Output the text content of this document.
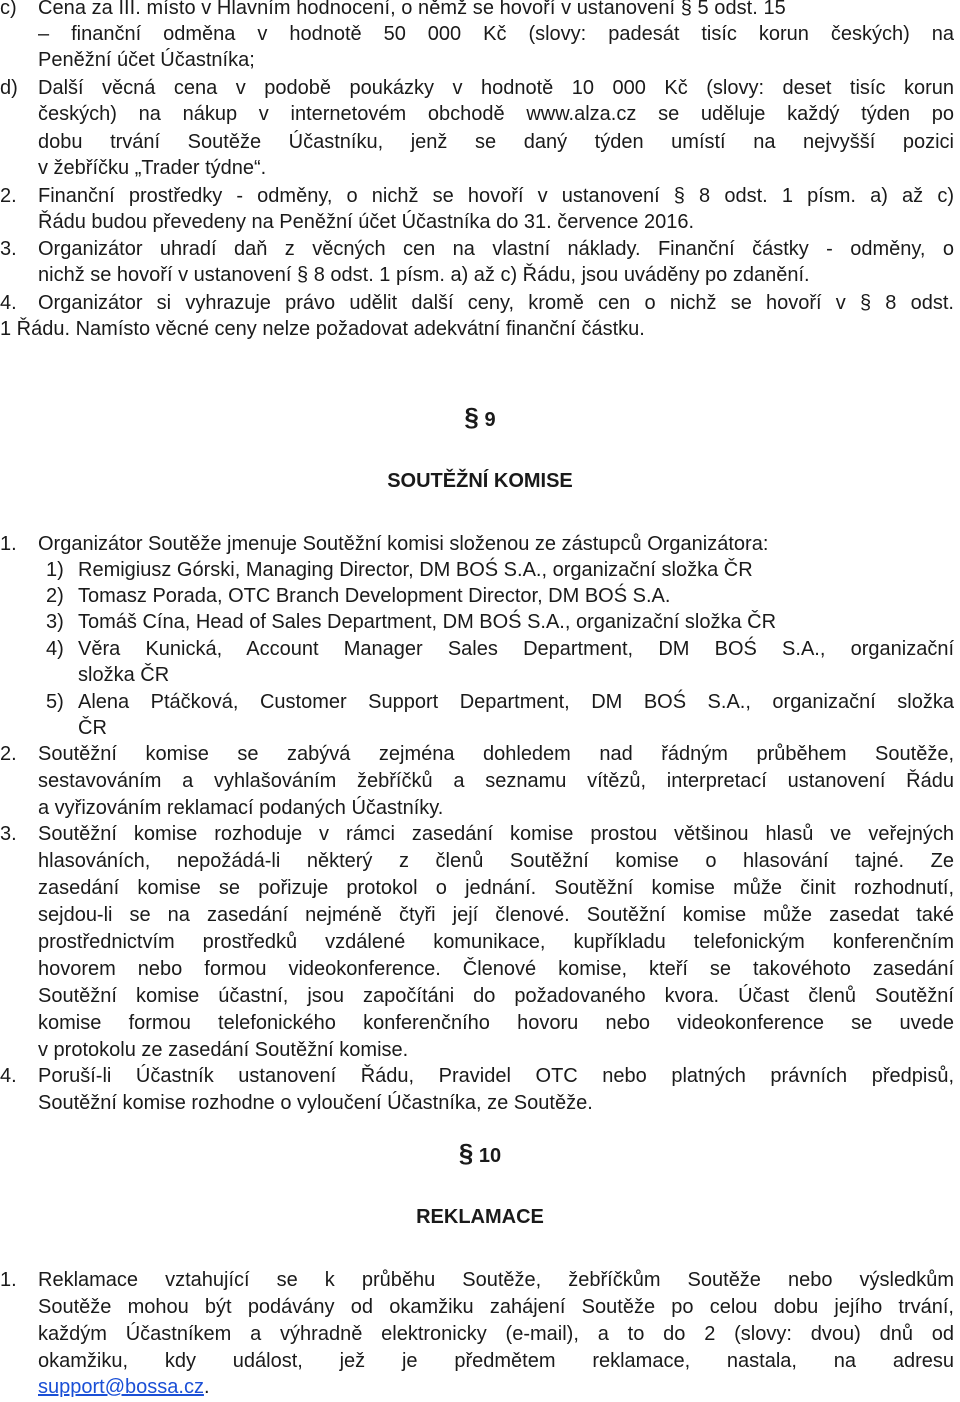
c) Cena za III. místo v Hlavním hodnocení, o němž se hovoří v ustanovení § 5 odst. 15
– finanční odměna v hodnotě 50 000 Kč (slovy: padesát tisíc korun českých) na
Peněžní účet Účastníka;
d) Další věcná cena v podobě poukázky v hodnotě 10 000 Kč (slovy: deset tisíc korun
českých) na nákup v internetovém obchodě www.alza.cz se uděluje každý týden po
dobu trvání Soutěže Účastníku, jenž se daný týden umístí na nejvyšší pozici
v žebříčku „Trader týdne“.
2. Finanční prostředky - odměny, o nichž se hovoří v ustanovení § 8 odst. 1 písm. a) až c)
Řádu budou převedeny na Peněžní účet Účastníka do 31. července 2016.
3. Organizátor uhradí daň z věcných cen na vlastní náklady. Finanční částky - odměny, o
nichž se hovoří v ustanovení § 8 odst. 1 písm. a) až c) Řádu, jsou uváděny po zdanění.
4. Organizátor si vyhrazuje právo udělit další ceny, kromě cen o nichž se hovoří v § 8 odst.
1 Řádu. Namísto věcné ceny nelze požadovat adekvátní finanční částku.
§ 9
SOUTĚŽNÍ KOMISE
1. Organizátor Soutěže jmenuje Soutěžní komisi složenou ze zástupců Organizátora:
1) Remigiusz Górski, Managing Director, DM BOŚ S.A., organizační složka ČR
2) Tomasz Porada, OTC Branch Development Director, DM BOŚ S.A.
3) Tomáš Cína, Head of Sales Department, DM BOŚ S.A., organizační složka ČR
4) Věra Kunická, Account Manager Sales Department, DM BOŚ S.A., organizační
složka ČR
5) Alena Ptáčková, Customer Support Department, DM BOŚ S.A., organizační složka
ČR
2. Soutěžní komise se zabývá zejména dohledem nad řádným průběhem Soutěže,
sestavováním a vyhlašováním žebříčků a seznamu vítězů, interpretací ustanovení Řádu
a vyřizováním reklamací podaných Účastníky.
3. Soutěžní komise rozhoduje v rámci zasedání komise prostou většinou hlasů ve veřejných
hlasováních, nepožádá-li některý z členů Soutěžní komise o hlasování tajné. Ze
zasedání komise se pořizuje protokol o jednání. Soutěžní komise může činit rozhodnutí,
sejdou-li se na zasedání nejméně čtyři její členové. Soutěžní komise může zasedat také
prostřednictvím prostředků vzdálené komunikace, kupříkladu telefonickým konferenčním
hovorem nebo formou videokonference. Členové komise, kteří se takovéhoto zasedání
Soutěžní komise účastní, jsou započítáni do požadovaného kvora. Účast členů Soutěžní
komise formou telefonického konferenčního hovoru nebo videokonference se uvede
v protokolu ze zasedání Soutěžní komise.
4. Poruší-li Účastník ustanovení Řádu, Pravidel OTC nebo platných právních předpisů,
Soutěžní komise rozhodne o vyloučení Účastníka, ze Soutěže.
§ 10
REKLAMACE
1. Reklamace vztahující se k průběhu Soutěže, žebříčkům Soutěže nebo výsledkům
Soutěže mohou být podávány od okamžiku zahájení Soutěže po celou dobu jejího trvání,
každým Účastníkem a výhradně elektronicky (e-mail), a to do 2 (slovy: dvou) dnů od
okamžiku, kdy událost, jež je předmětem reklamace, nastala, na adresu
support@bossa.cz.
